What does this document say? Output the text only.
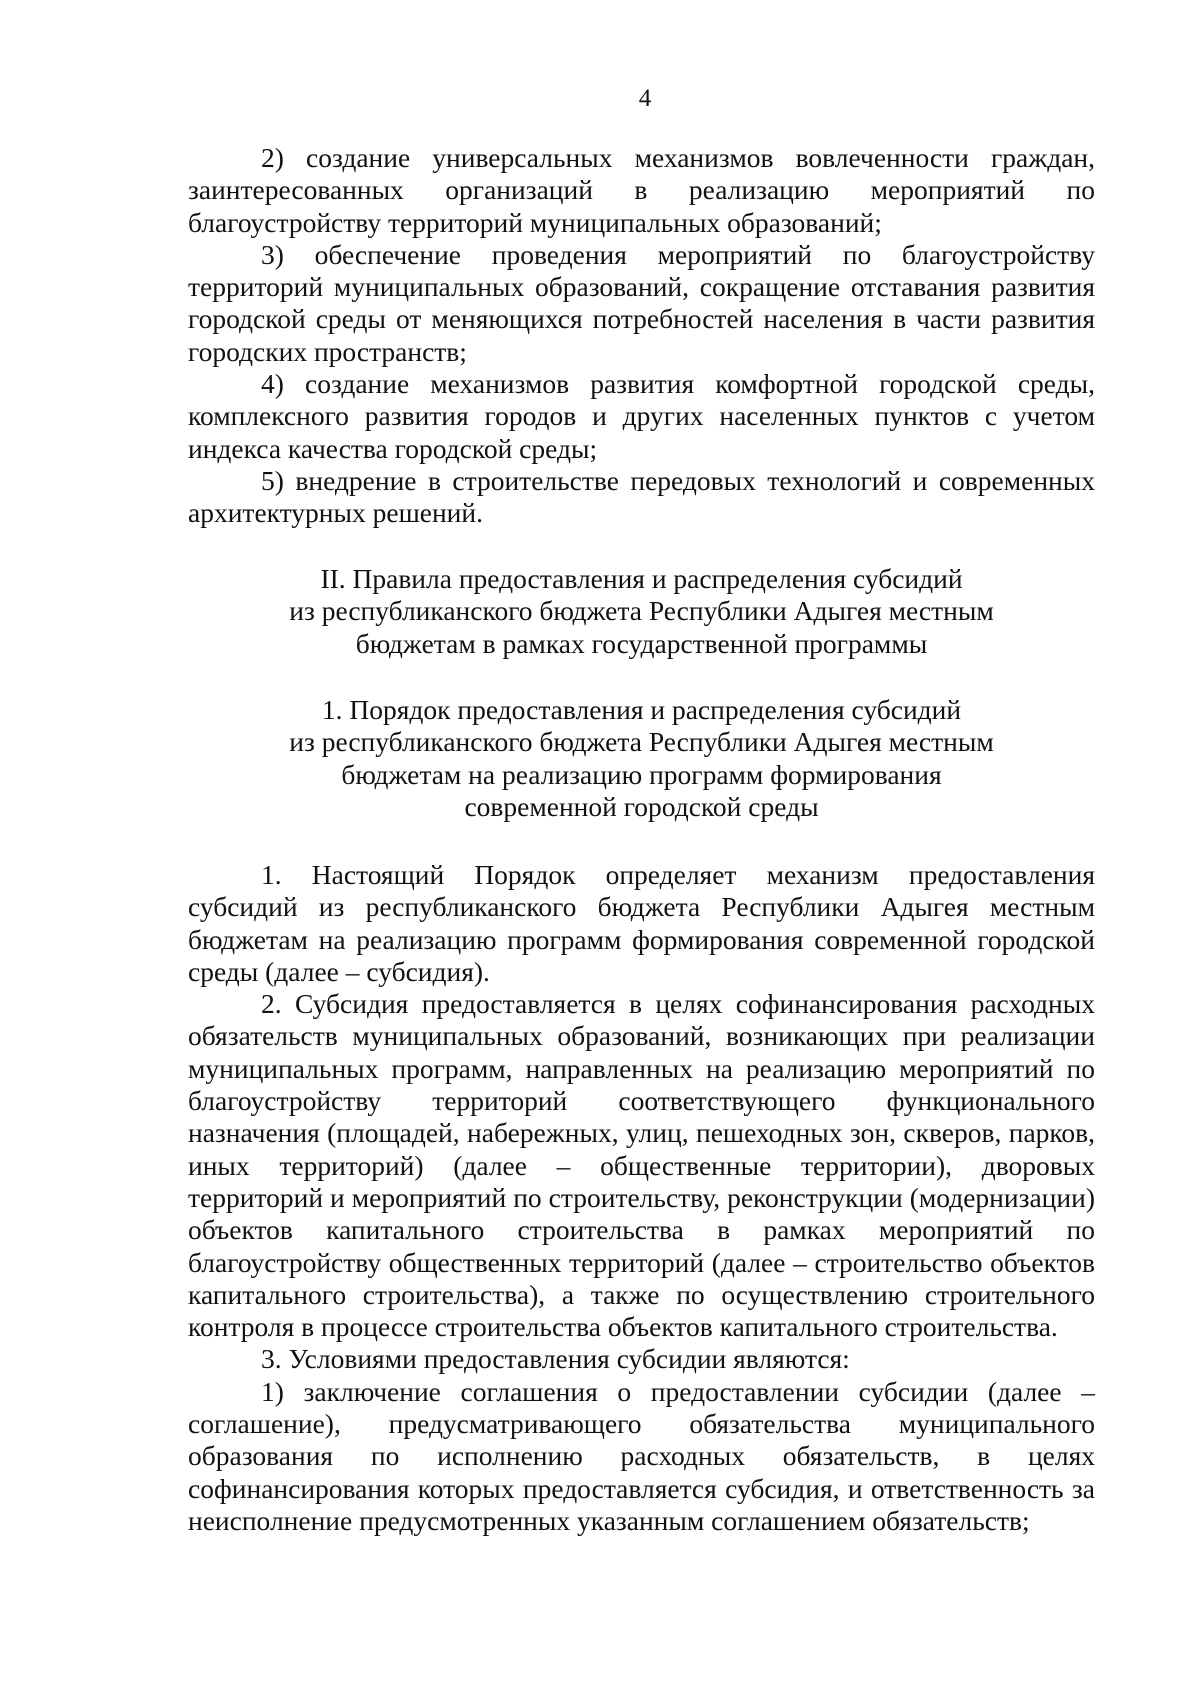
4

2) создание универсальных механизмов вовлеченности граждан, заинтересованных организаций в реализацию мероприятий по благоустройству территорий муниципальных образований;

3) обеспечение проведения мероприятий по благоустройству территорий муниципальных образований, сокращение отставания развития городской среды от меняющихся потребностей населения в части развития городских пространств;

4) создание механизмов развития комфортной городской среды, комплексного развития городов и других населенных пунктов с учетом индекса качества городской среды;

5) внедрение в строительстве передовых технологий и современных архитектурных решений.

II. Правила предоставления и распределения субсидий
из республиканского бюджета Республики Адыгея местным
бюджетам в рамках государственной программы
1. Порядок предоставления и распределения субсидий
из республиканского бюджета Республики Адыгея местным
бюджетам на реализацию программ формирования
современной городской среды

1. Настоящий Порядок определяет механизм предоставления субсидий из республиканского бюджета Республики Адыгея местным бюджетам на реализацию программ формирования современной городской среды (далее – субсидия).

2. Субсидия предоставляется в целях софинансирования расходных обязательств муниципальных образований, возникающих при реализации муниципальных программ, направленных на реализацию мероприятий по благоустройству территорий соответствующего функционального назначения (площадей, набережных, улиц, пешеходных зон, скверов, парков, иных территорий) (далее – общественные территории), дворовых территорий и мероприятий по строительству, реконструкции (модернизации) объектов капитального строительства в рамках мероприятий по благоустройству общественных территорий (далее – строительство объектов капитального строительства), а также по осуществлению строительного контроля в процессе строительства объектов капитального строительства.

3. Условиями предоставления субсидии являются:

1) заключение соглашения о предоставлении субсидии (далее – соглашение), предусматривающего обязательства муниципального образования по исполнению расходных обязательств, в целях софинансирования которых предоставляется субсидия, и ответственность за неисполнение предусмотренных указанным соглашением обязательств;
